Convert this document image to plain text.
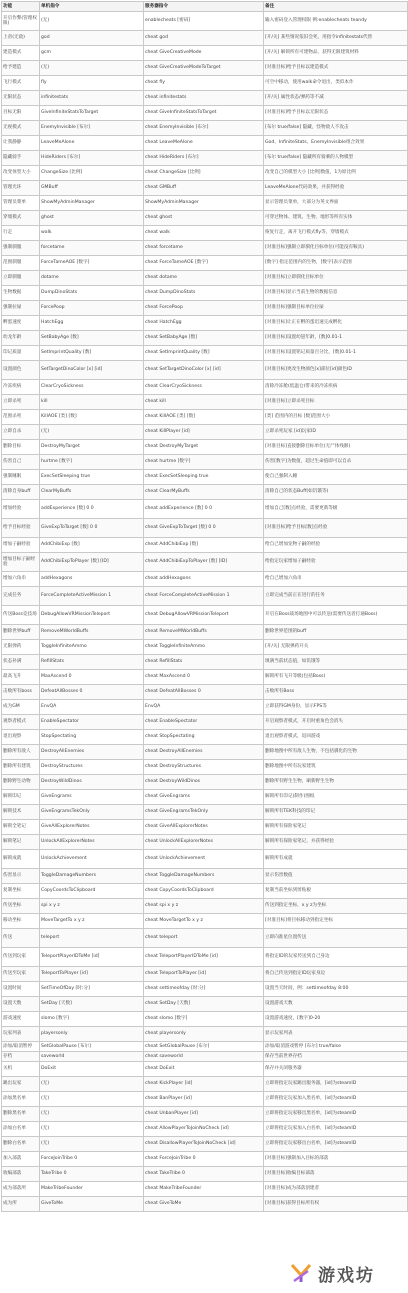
功能	单机指令	服务器指令	备注
开启作弊(管理权限)	(无)	enablecheats [密码]	输入密码登入管理权限 例:enablecheats teandy
上帝(无敌)	god	cheat god	[开/关] 某些情况依旧会死，用指令infinitestats代替
建造模式	gcm	cheat GiveCreativeMode	[开/关] 解锁所有可建物品，获得无限建筑材料
给予建造	(无)	cheat GiveCreativeModeToTarget	[对准目标]给予目标以建造模式
飞行模式	fly	cheat fly	可空中移动，使用walk命令退出，类似本作
无限状态	infinitestats	cheat infinitestats	[开/关] 属性状态/弹药等不减
目标无限	GiveInfiniteStatsToTarget	cheat GiveInfiniteStatsToTarget	[对准目标]给予目标以无限状态
无视模式	EnemyInvisible [布尔]	cheat EnemyInvisible [布尔]	[布尔 true/false] 隐藏，怪物敌人不攻击
让我静静	LeaveMeAlone	cheat LeaveMeAlone	God、InfiniteStats、EnemyInvisible组合效果
隐藏骑手	HideRiders [布尔]	cheat HideRiders [布尔]	[布尔 true/false] 隐藏所有骑乘的人物模型
改变体型大小	ChangeSize [比例]	cheat ChangeSize [比例]	改变自己的模型大小 [比例]数值，1为原比例
管理光环	GMBuff	cheat GMBuff	LeaveMeAlone代码效果，并获得经验
管理员菜单	ShowMyAdminManager	ShowMyAdminManager	显示管理员菜单，大部分为英文界面
穿墙模式	ghost	cheat ghost	可穿过物体、建筑、生物，地形等所有实体
行走	walk	cheat walk	恢复行走，离开飞行模式fly等，穿墙模式
强制驯服	forcetame	cheat forcetame	[对准目标]强制立即驯化目标单位(可能没有鞍具)
范围驯服	ForceTameAOE [数字]	cheat ForceTameAOE [数字]	[数字] 指定范围内的生物，[数字]表示范围
立即驯服	dotame	cheat dotame	[对准目标]立即驯化目标单位
生物数据	DumpDinoStats	cheat DumpDinoStats	[对准目标]显示当前生物的数据信息
强制拉屎	ForcePoop	cheat ForcePoop	[对准目标]强制目标单位拉屎
孵蛋速度	HatchEgg	cheat HatchEgg	[对准目标]让正在孵的蛋迅速完成孵化
幼龙年龄	SetBabyAge [数]	cheat SetBabyAge [数]	[对准目标]设置幼崽年龄，[数]0.01-1
印记质量	SetImprintQuality [数]	cheat SetImprintQuality [数]	[对准目标]设置铭记质量百分比，[数]0.01-1
设置颜色	SetTargetDinoColor [x] [id]	cheat SetTargetDinoColor [x] [id]	[对准目标]更改生物颜色[x]部位[id]颜色ID
冷冻疾病	ClearCryoSickness	cheat ClearCryoSickness	清除冷冻舱(低温仓)带来的冷冻疾病
立即杀死	kill	cheat kill	[对准目标]立即杀死目标
范围杀死	KillAOE [类] [数]	cheat KillAOE [类] [数]	[类] 范围内的目标 [数]范围大小
立即自杀	(无)	cheat KillPlayer [id]	立即杀死玩家 [id]玩家ID
删除目标	DestroyMyTarget	cheat DestroyMyTarget	[对准目标]直接删除目标单位(无尸体残骸)
伤害自己	hurtme [数字]	cheat hurtme [数字]	伤害[数字]为数值，超过生命值即可以自杀
强制睡眠	ExecSetSleeping true	cheat ExecSetSleeping true	使自己强制入睡
清除自身buff	ClearMyBuffs	cheat ClearMyBuffs	清除自己的状态Buff(如饥饿等)
增加经验	addExperience [数] 0 0	cheat addExperience [数] 0 0	增加自己[数]点经验，需要更新等级
给予目标经验	GiveExpToTarget [数] 0 0	cheat GiveExpToTarget [数] 0 0	[对准目标]给予目标[数]点经验
增加子嗣经验	AddChibiExp [数]	cheat AddChibiExp [数]	给自己增加宠物子嗣的经验
增加目标子嗣经验	AddChibiExpToPlayer [数] [ID]	cheat AddChibiExpToPlayer [数] [ID]	给指定玩家增加子嗣经验
增加六角币	addHexagons	cheat addHexagons	给自己增加六角币
完成任务	ForceCompleteActiveMission 1	cheat ForceCompleteActiveMission 1	立即完成当前正在进行的任务
传送Boss竞技场	DebugAllowVRMissionTeleport	cheat DebugAllowVRMissionTeleport	开启在Boss战场地图中可以传送(需要传送者打通Boss)
删除世界buff	RemoveMWorldBuffs	cheat RemoveMWorldBuffs	删除世界范围的buff
无限弹药	ToggleInfiniteAmmo	cheat ToggleInfiniteAmmo	[开/关] 无限弹药开关
状态补满	RefillStats	cheat RefillStats	填满当前状态值，如饥饿等
最高飞升	MaxAscend 0	cheat MaxAscend 0	解锁所有飞升等级(包括Boss)
击败所有boss	DefeatAllBosses 0	cheat DefeatAllBosses 0	击败所有Boss
成为GM	EnvQA	EnvQA	立即获得GM身份，显示FPS等
观察者模式	EnableSpectator	cheat EnableSpectator	开启观察者模式，开启时重角色会消失
退出观察	StopSpectating	cheat StopSpectating	退出观察者模式，返回游戏
删除所有敌人	DestroyAllEnemies	cheat DestroyAllEnemies	删除地图中所有敌人生物，不包括驯化的生物
删除所有建筑	DestroyStructures	cheat DestroyStructures	删除地图中所有玩家建筑
删除野生动物	DestroyWildDinos	cheat DestroyWildDinos	删除所有野生生物，刷新野生生物
解锁印记	GiveEngrams	cheat GiveEngrams	解锁所有印记(制作)图纸
解锁技术	GiveEngramsTekOnly	cheat GiveEngramsTekOnly	解锁所有TEK科技的印记
解锁全笔记	GiveAllExplorerNotes	cheat GiveAllExplorerNotes	解锁所有探险家笔记
解锁笔记	UnlockAllExplorerNotes	cheat UnlockAllExplorerNotes	解锁所有探险家笔记，并获得经验
解锁成就	UnlockAchievement	cheat UnlockAchievement	解锁所有成就
伤害显示	ToggleDamageNumbers	cheat ToggleDamageNumbers	显示伤害数值
复制坐标	CopyCoordsToClipboard	cheat CopyCoordsToClipboard	复制当前坐标到剪贴板
传送坐标	spi x y z	cheat spi x y z	传送到指定坐标，x y z为坐标
移动坐标	MoveTargetTo x y z	cheat MoveTargetTo x y z	[对准目标]将目标移动到指定坐标
传送	teleport	cheat teleport	立即向准星位置传送
传送到玩家	TeleportPlayerIDToMe [id]	cheat TeleportPlayerIDToMe [id]	将指定ID的玩家传送到自己身边
传送至玩家	TeleportToPlayer [id]	cheat TeleportToPlayer [id]	将自己传送到指定ID玩家身边
设置时间	SetTimeOfDay [时:分]	cheat settimeofday [时:分]	设置当天时间，例：settimeofday 8:00
设置天数	SetDay [天数]	cheat SetDay [天数]	设置游戏天数
游戏速度	slomo [数字]	cheat slomo [数字]	设置游戏速度，[数字]0-20
玩家列表	playersonly	cheat playersonly	显示玩家列表
添加/取消暂停	SetGlobalPause [布尔]	cheat SetGlobalPause [布尔]	添加/取消游戏暂停 [布尔] true/false
存档	saveworld	cheat saveworld	保存当前世界存档
关机	DoExit	cheat DoExit	保存并关闭服务器
踢出玩家	(无)	cheat KickPlayer [id]	立即将指定玩家踢出服务器，[id]为steamID
添加黑名单	(无)	cheat BanPlayer [id]	立即将指定玩家加入黑名单，[id]为steamID
删除黑名单	(无)	cheat UnbanPlayer [id]	立即将指定玩家移出黑名单，[id]为steamID
添加白名单	(无)	cheat AllowPlayerToJoinNoCheck [id]	立即将指定玩家加入白名单，[id]为steamID
删除白名单	(无)	cheat DisallowPlayerToJoinNoCheck [id]	立即将指定玩家移出白名单，[id]为steamID
加入部落	ForceJoinTribe 0	cheat ForceJoinTribe 0	[对准目标]强制加入目标的部落
收编部落	TakeTribe 0	cheat TakeTribe 0	[对准目标]收编目标部落
成为部落所	MakeTribeFounder	cheat MakeTribeFounder	[对准目标]成为部落创建者
成为所	GiveToMe	cheat GiveToMe	[对准目标]获得目标所有权
游戏坊
